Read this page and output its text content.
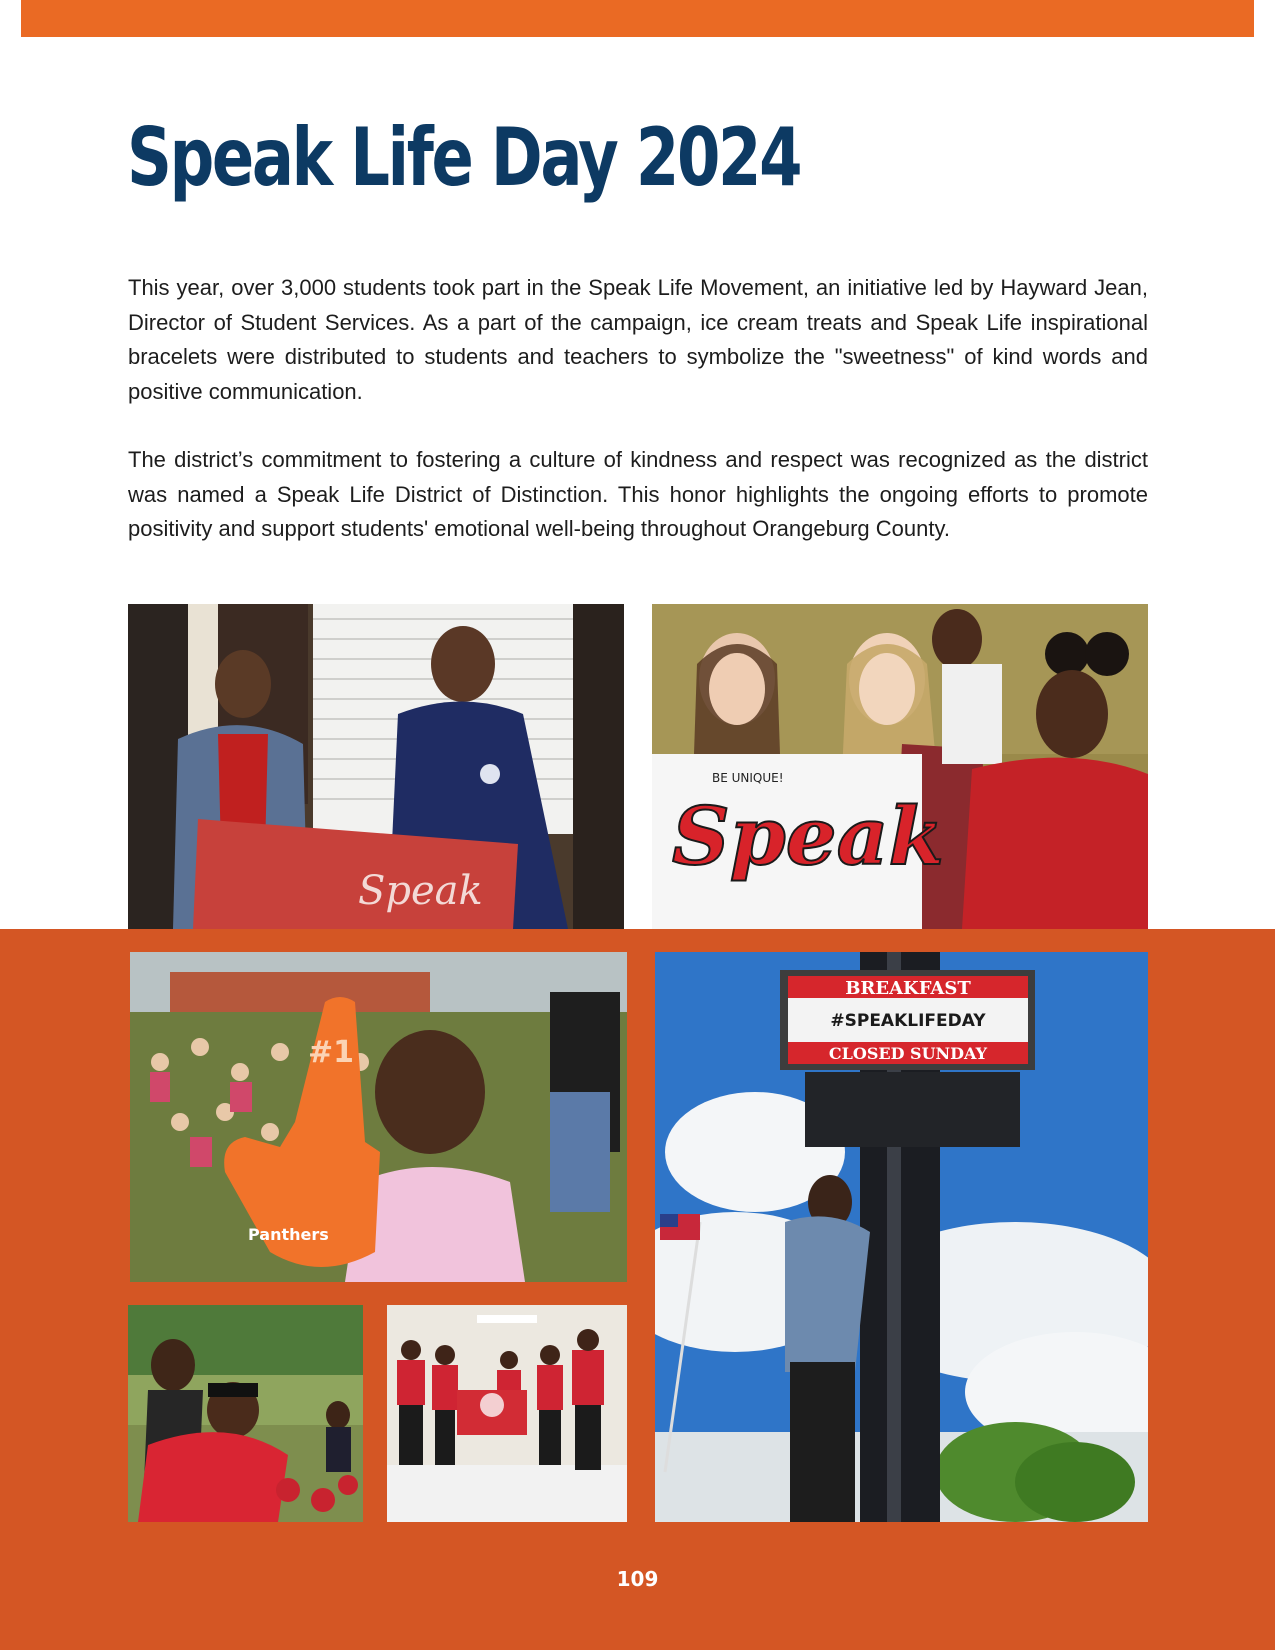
Speak Life Day 2024

This year, over 3,000 students took part in the Speak Life Movement, an initiative led by Hayward Jean, Director of Student Services. As a part of the campaign, ice cream treats and Speak Life inspirational bracelets were distributed to students and teachers to symbolize the "sweetness" of kind words and positive communication.

The district’s commitment to fostering a culture of kindness and respect was recognized as the district was named a Speak Life District of Distinction. This honor highlights the ongoing efforts to promote positivity and support students' emotional well-being throughout Orangeburg County.

Speak
Speak
BE UNIQUE!
#1
Panthers
BREAKFAST
#SPEAKLIFEDAY
CLOSED SUNDAY
109
